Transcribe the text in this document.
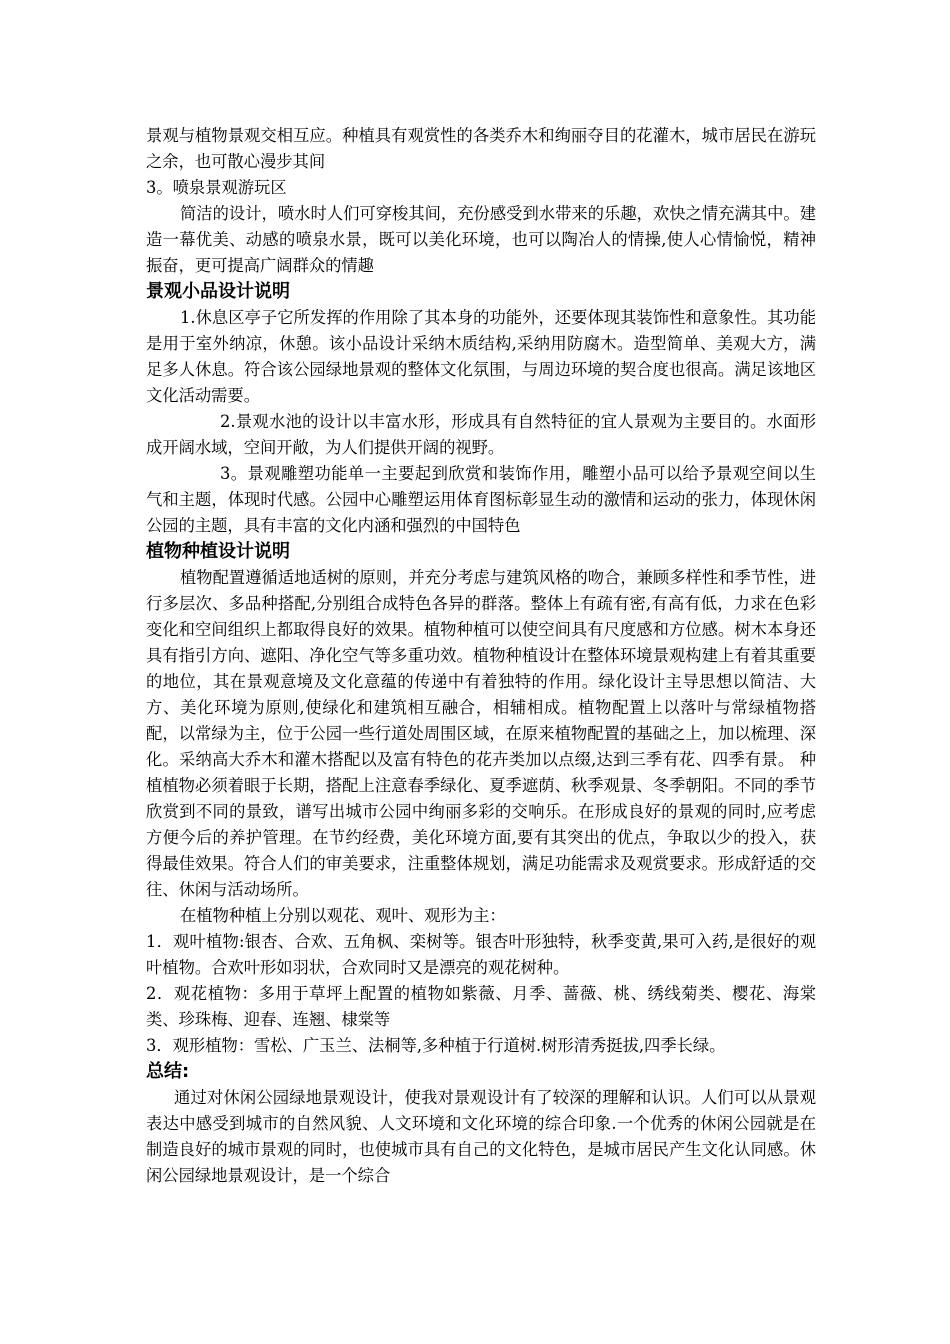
景观与植物景观交相互应。种植具有观赏性的各类乔木和绚丽夺目的花灌木，城市居民在游玩之余，也可散心漫步其间

3。喷泉景观游玩区

简洁的设计，喷水时人们可穿梭其间，充份感受到水带来的乐趣，欢快之情充满其中。建造一幕优美、动感的喷泉水景，既可以美化环境，也可以陶冶人的情操,使人心情愉悦，精神振奋，更可提高广阔群众的情趣

景观小品设计说明

1.休息区亭子它所发挥的作用除了其本身的功能外，还要体现其装饰性和意象性。其功能是用于室外纳凉，休憩。该小品设计采纳木质结构,采纳用防腐木。造型简单、美观大方，满足多人休息。符合该公园绿地景观的整体文化氛围，与周边环境的契合度也很高。满足该地区文化活动需要。

2.景观水池的设计以丰富水形，形成具有自然特征的宜人景观为主要目的。水面形成开阔水域，空间开敞，为人们提供开阔的视野。

3。景观雕塑功能单一主要起到欣赏和装饰作用，雕塑小品可以给予景观空间以生气和主题，体现时代感。公园中心雕塑运用体育图标彰显生动的激情和运动的张力，体现休闲公园的主题，具有丰富的文化内涵和强烈的中国特色

植物种植设计说明

植物配置遵循适地适树的原则，并充分考虑与建筑风格的吻合，兼顾多样性和季节性，进行多层次、多品种搭配,分别组合成特色各异的群落。整体上有疏有密,有高有低，力求在色彩变化和空间组织上都取得良好的效果。植物种植可以使空间具有尺度感和方位感。树木本身还具有指引方向、遮阳、净化空气等多重功效。植物种植设计在整体环境景观构建上有着其重要的地位，其在景观意境及文化意蕴的传递中有着独特的作用。绿化设计主导思想以简洁、大方、美化环境为原则,使绿化和建筑相互融合，相辅相成。植物配置上以落叶与常绿植物搭配，以常绿为主，位于公园一些行道处周围区域，在原来植物配置的基础之上，加以梳理、深化。采纳高大乔木和灌木搭配以及富有特色的花卉类加以点缀,达到三季有花、四季有景。 种植植物必须着眼于长期，搭配上注意春季绿化、夏季遮荫、秋季观景、冬季朝阳。不同的季节欣赏到不同的景致，谱写出城市公园中绚丽多彩的交响乐。在形成良好的景观的同时,应考虑方便今后的养护管理。在节约经费，美化环境方面,要有其突出的优点，争取以少的投入，获得最佳效果。符合人们的审美要求，注重整体规划，满足功能需求及观赏要求。形成舒适的交往、休闲与活动场所。

在植物种植上分别以观花、观叶、观形为主：

1．观叶植物:银杏、合欢、五角枫、栾树等。银杏叶形独特，秋季变黄,果可入药,是很好的观叶植物。合欢叶形如羽状，合欢同时又是漂亮的观花树种。

2．观花植物：多用于草坪上配置的植物如紫薇、月季、蔷薇、桃、绣线菊类、樱花、海棠类、珍珠梅、迎春、连翘、棣棠等

3．观形植物：雪松、广玉兰、法桐等,多种植于行道树.树形清秀挺拔,四季长绿。

总结:

通过对休闲公园绿地景观设计，使我对景观设计有了较深的理解和认识。人们可以从景观表达中感受到城市的自然风貌、人文环境和文化环境的综合印象.一个优秀的休闲公园就是在制造良好的城市景观的同时，也使城市具有自己的文化特色，是城市居民产生文化认同感。休闲公园绿地景观设计，是一个综合
